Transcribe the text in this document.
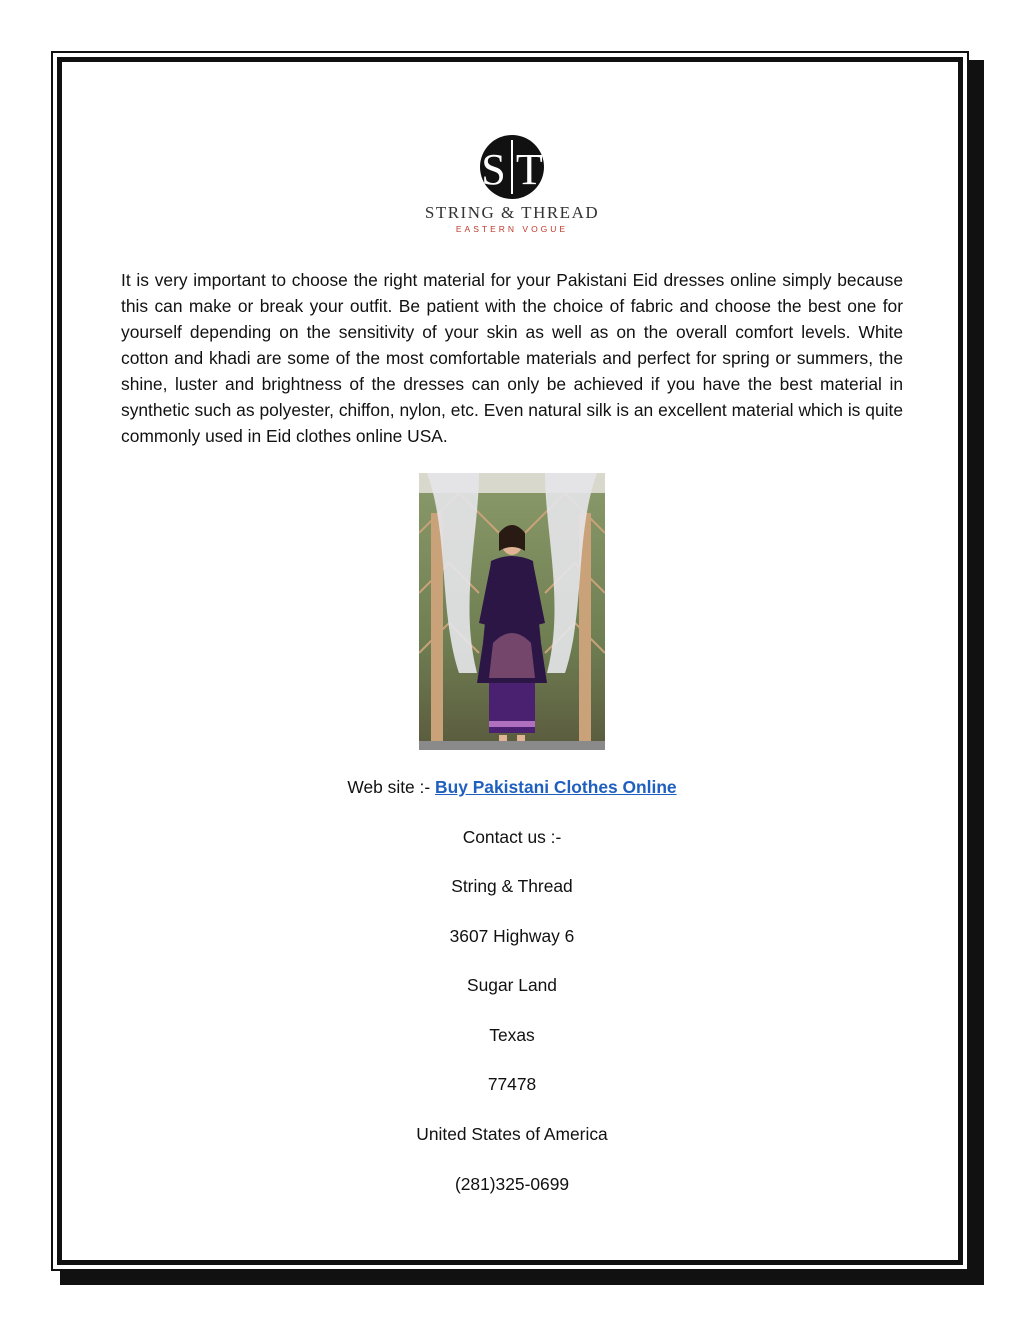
S T
STRING & THREAD
EASTERN VOGUE

It is very important to choose the right material for your Pakistani Eid dresses online simply because this can make or break your outfit. Be patient with the choice of fabric and choose the best one for yourself depending on the sensitivity of your skin as well as on the overall comfort levels. White cotton and khadi are some of the most comfortable materials and perfect for spring or summers, the shine, luster and brightness of the dresses can only be achieved if you have the best material in synthetic such as polyester, chiffon, nylon, etc. Even natural silk is an excellent material which is quite commonly used in Eid clothes online USA.

Web site :- Buy Pakistani Clothes Online
Contact us :-
String & Thread
3607 Highway 6
Sugar Land
Texas
77478
United States of America
(281)325-0699
